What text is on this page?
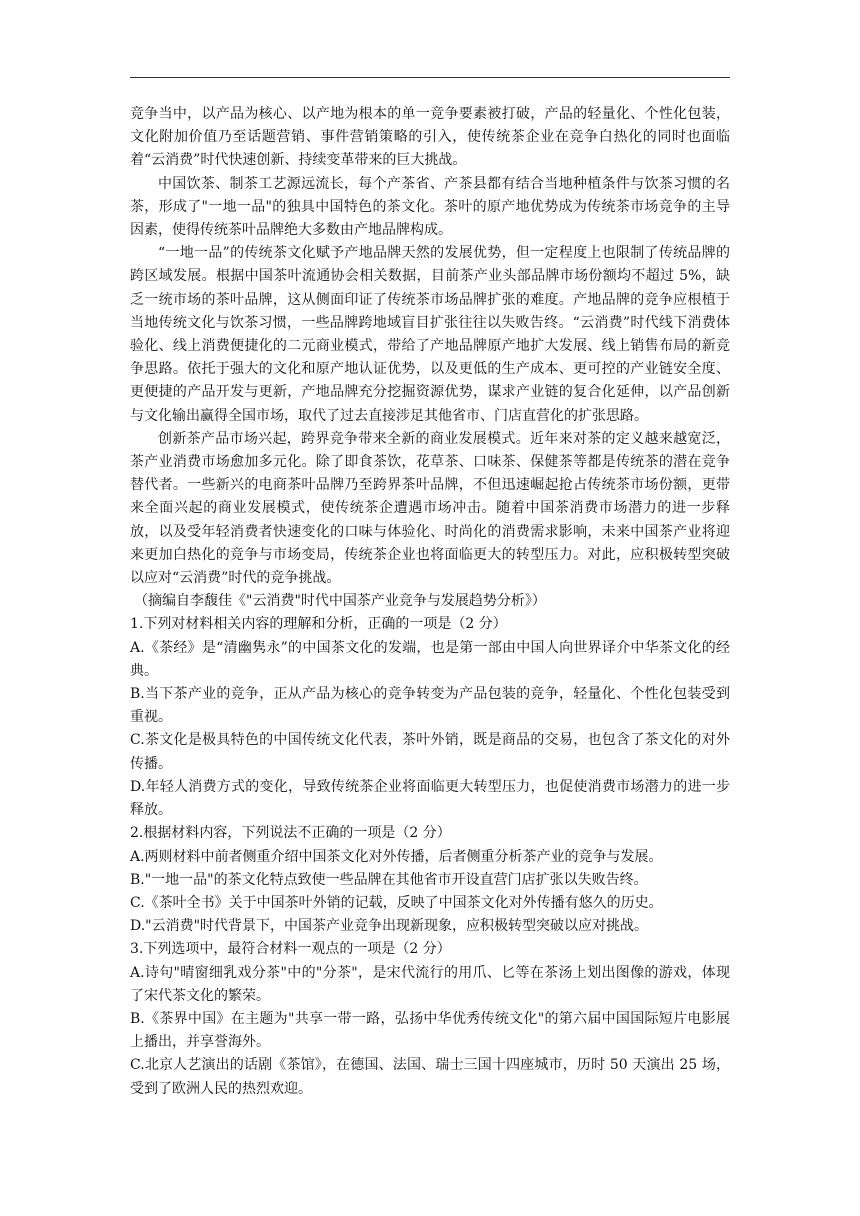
竞争当中，以产品为核心、以产地为根本的单一竞争要素被打破，产品的轻量化、个性化包装，文化附加价值乃至话题营销、事件营销策略的引入，使传统茶企业在竞争白热化的同时也面临着“云消费”时代快速创新、持续变革带来的巨大挑战。

中国饮茶、制茶工艺源远流长，每个产茶省、产茶县都有结合当地种植条件与饮茶习惯的名茶，形成了"一地一品"的独具中国特色的茶文化。茶叶的原产地优势成为传统茶市场竞争的主导因素，使得传统茶叶品牌绝大多数由产地品牌构成。

“一地一品”的传统茶文化赋予产地品牌天然的发展优势，但一定程度上也限制了传统品牌的跨区域发展。根据中国茶叶流通协会相关数据，目前茶产业头部品牌市场份额均不超过 5%，缺乏一统市场的茶叶品牌，这从侧面印证了传统茶市场品牌扩张的难度。产地品牌的竞争应根植于当地传统文化与饮茶习惯，一些品牌跨地域盲目扩张往往以失败告终。“云消费”时代线下消费体验化、线上消费便捷化的二元商业模式，带给了产地品牌原产地扩大发展、线上销售布局的新竞争思路。依托于强大的文化和原产地认证优势，以及更低的生产成本、更可控的产业链安全度、更便捷的产品开发与更新，产地品牌充分挖掘资源优势，谋求产业链的复合化延伸，以产品创新与文化输出赢得全国市场，取代了过去直接涉足其他省市、门店直营化的扩张思路。

创新茶产品市场兴起，跨界竞争带来全新的商业发展模式。近年来对茶的定义越来越宽泛，茶产业消费市场愈加多元化。除了即食茶饮，花草茶、口味茶、保健茶等都是传统茶的潜在竞争替代者。一些新兴的电商茶叶品牌乃至跨界茶叶品牌，不但迅速崛起抢占传统茶市场份额，更带来全面兴起的商业发展模式，使传统茶企遭遇市场冲击。随着中国茶消费市场潜力的进一步释放，以及受年轻消费者快速变化的口味与体验化、时尚化的消费需求影响，未来中国茶产业将迎来更加白热化的竞争与市场变局，传统茶企业也将面临更大的转型压力。对此，应积极转型突破以应对“云消费”时代的竞争挑战。

（摘编自李馥佳《"云消费"时代中国茶产业竞争与发展趋势分析》）

1.下列对材料相关内容的理解和分析，正确的一项是（2 分）

A.《茶经》是“清幽隽永”的中国茶文化的发端，也是第一部由中国人向世界译介中华茶文化的经典。

B.当下茶产业的竞争，正从产品为核心的竞争转变为产品包装的竞争，轻量化、个性化包装受到重视。

C.茶文化是极具特色的中国传统文化代表，茶叶外销，既是商品的交易，也包含了茶文化的对外传播。

D.年轻人消费方式的变化，导致传统茶企业将面临更大转型压力，也促使消费市场潜力的进一步释放。

2.根据材料内容，下列说法不正确的一项是（2 分）

A.两则材料中前者侧重介绍中国茶文化对外传播，后者侧重分析茶产业的竞争与发展。

B."一地一品"的茶文化特点致使一些品牌在其他省市开设直营门店扩张以失败告终。

C.《茶叶全书》关于中国茶叶外销的记载，反映了中国茶文化对外传播有悠久的历史。

D."云消费"时代背景下，中国茶产业竞争出现新现象，应积极转型突破以应对挑战。

3.下列选项中，最符合材料一观点的一项是（2 分）

A.诗句"晴窗细乳戏分茶"中的"分茶"，是宋代流行的用爪、匕等在茶汤上划出图像的游戏，体现了宋代茶文化的繁荣。

B.《茶界中国》在主题为"共享一带一路，弘扬中华优秀传统文化"的第六届中国国际短片电影展上播出，并享誉海外。

C.北京人艺演出的话剧《茶馆》，在德国、法国、瑞士三国十四座城市，历时 50 天演出 25 场，受到了欧洲人民的热烈欢迎。
